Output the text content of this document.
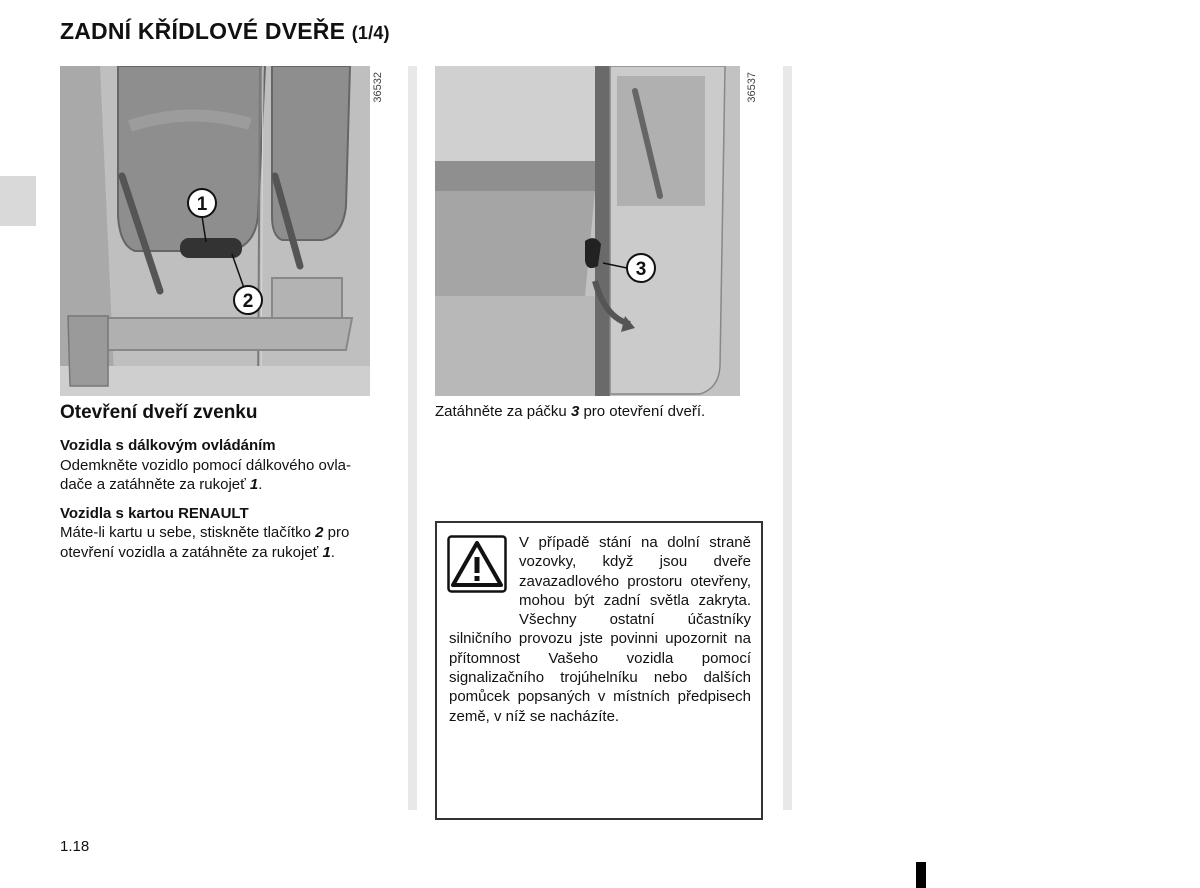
ZADNÍ KŘÍDLOVÉ DVEŘE (1/4)
1
2
36532
3
36537

Otevření dveří zvenku

Vozidla s dálkovým ovládáním

Odemkněte vozidlo pomocí dálkového ovla-

dače a zatáhněte za rukojeť 1.

Vozidla s kartou RENAULT

Máte-li kartu u sebe, stiskněte tlačítko 2 pro

otevření vozidla a zatáhněte za rukojeť 1.

Zatáhněte za páčku 3 pro otevření dveří.

V případě stání na dolní straně vozovky, když jsou dveře zavazadlového prostoru otevřeny, mohou být zadní světla zakryta. Všechny ostatní účastníky silničního provozu jste povinni upozornit na přítomnost Vašeho vozidla pomocí signalizačního trojúhelníku nebo dalších pomůcek popsaných v místních předpisech země, v níž se nacházíte.
1.18
